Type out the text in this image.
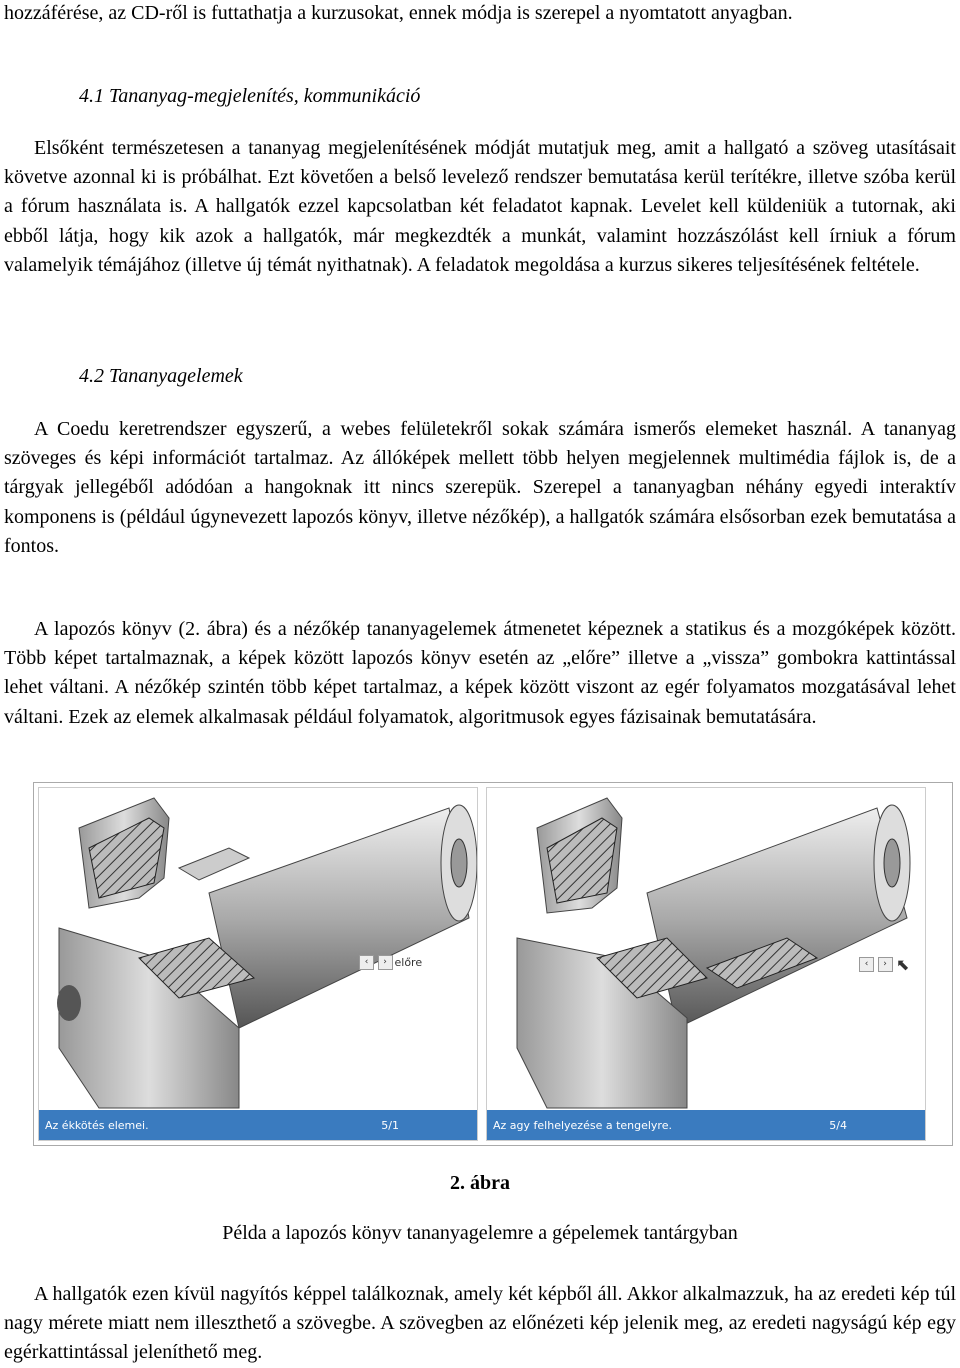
hozzáférése, az CD-ről is futtathatja a kurzusokat, ennek módja is szerepel a nyomtatott anyagban.

4.1 Tananyag-megjelenítés, kommunikáció

Elsőként természetesen a tananyag megjelenítésének módját mutatjuk meg, amit a hallgató a szöveg utasításait követve azonnal ki is próbálhat. Ezt követően a belső levelező rendszer bemutatása kerül terítékre, illetve szóba kerül a fórum használata is. A hallgatók ezzel kapcsolatban két feladatot kapnak. Levelet kell küldeniük a tutornak, aki ebből látja, hogy kik azok a hallgatók, már megkezdték a munkát, valamint hozzászólást kell írniuk a fórum valamelyik témájához (illetve új témát nyithatnak). A feladatok megoldása a kurzus sikeres teljesítésének feltétele.

4.2 Tananyagelemek

A Coedu keretrendszer egyszerű, a webes felületekről sokak számára ismerős elemeket használ. A tananyag szöveges és képi információt tartalmaz. Az állóképek mellett több helyen megjelennek multimédia fájlok is, de a tárgyak jellegéből adódóan a hangoknak itt nincs szerepük. Szerepel a tananyagban néhány egyedi interaktív komponens is (például úgynevezett lapozós könyv, illetve nézőkép), a hallgatók számára elsősorban ezek bemutatása a fontos.

A lapozós könyv (2. ábra) és a nézőkép tananyagelemek átmenetet képeznek a statikus és a mozgóképek között. Több képet tartalmaznak, a képek között lapozós könyv esetén az „előre” illetve a „vissza” gombokra kattintással lehet váltani. A nézőkép szintén több képet tartalmaz, a képek között viszont az egér folyamatos mozgatásával lehet váltani. Ezek az elemek alkalmasak például folyamatok, algoritmusok egyes fázisainak bemutatására.

‹ › előre
Az ékkötés elemei.	5/1
‹ › ⬉
Az agy felhelyezése a tengelyre.	5/4
2. ábra
Példa a lapozós könyv tananyagelemre a gépelemek tantárgyban

A hallgatók ezen kívül nagyítós képpel találkoznak, amely két képből áll. Akkor alkalmazzuk, ha az eredeti kép túl nagy mérete miatt nem illeszthető a szövegbe. A szövegben az előnézeti kép jelenik meg, az eredeti nagyságú kép egy egérkattintással jeleníthető meg.
